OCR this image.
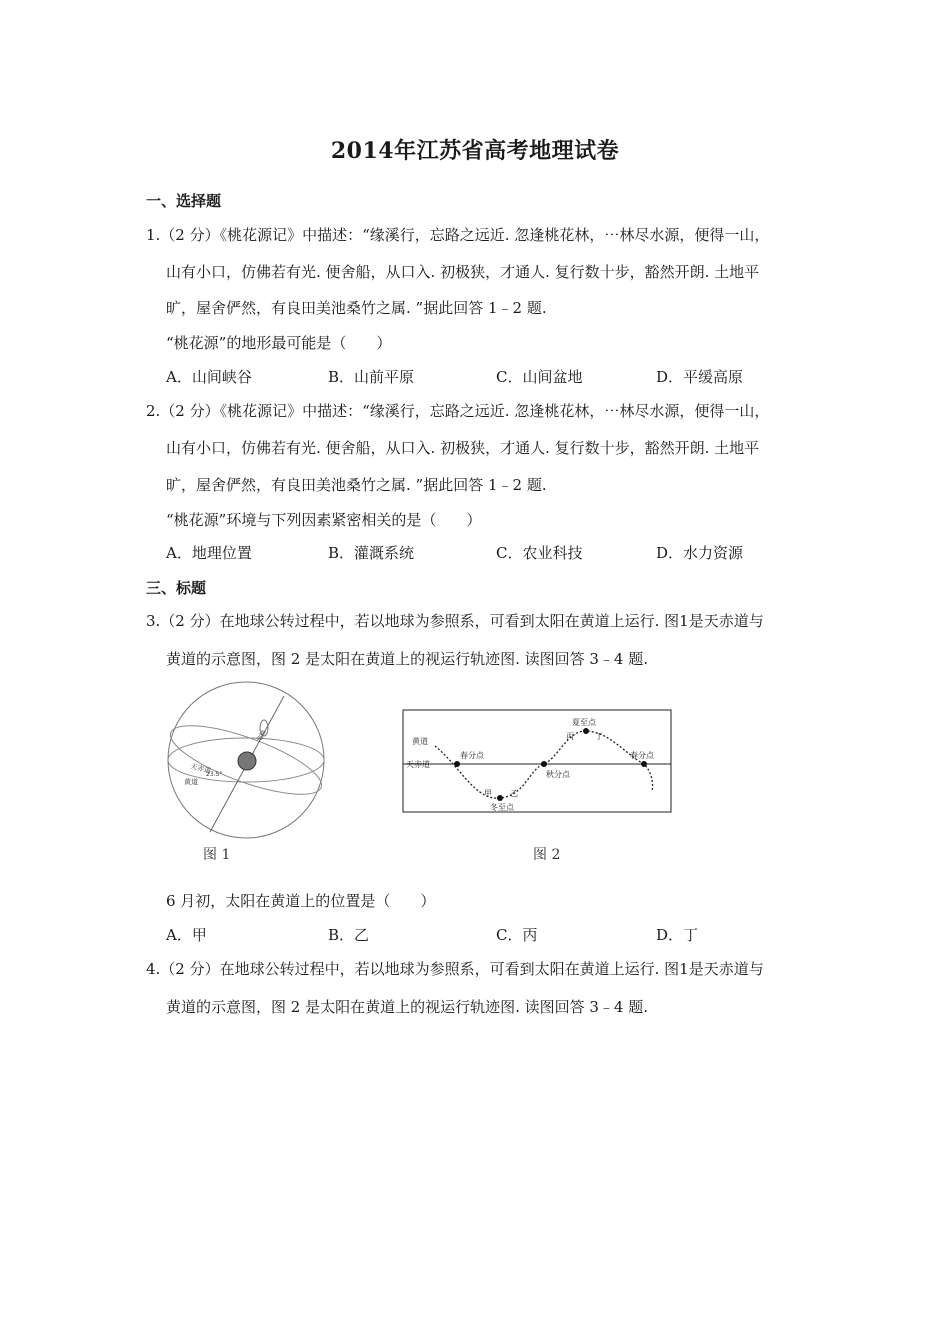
2014年江苏省高考地理试卷
一、选择题
1.（2 分）《桃花源记》中描述：“缘溪行，忘路之远近. 忽逢桃花林，⋯林尽水源，便得一山，
山有小口，仿佛若有光. 便舍船，从口入. 初极狭，才通人. 复行数十步，豁然开朗. 土地平
旷，屋舍俨然，有良田美池桑竹之属. ”据此回答 1﹣2 题.
“桃花源”的地形最可能是（　　）
A．山间峡谷	B．山前平原	C．山间盆地	D．平缓高原
2.（2 分）《桃花源记》中描述：“缘溪行，忘路之远近. 忽逢桃花林，⋯林尽水源，便得一山，
山有小口，仿佛若有光. 便舍船，从口入. 初极狭，才通人. 复行数十步，豁然开朗. 土地平
旷，屋舍俨然，有良田美池桑竹之属. ”据此回答 1﹣2 题.
“桃花源”环境与下列因素紧密相关的是（　　）
A．地理位置	B．灌溉系统	C．农业科技	D．水力资源
三、标题
3.（2 分）在地球公转过程中，若以地球为参照系，可看到太阳在黄道上运行. 图1是天赤道与
黄道的示意图，图 2 是太阳在黄道上的视运行轨迹图. 读图回答 3﹣4 题.
地轴
天赤道
23.5°
黄道
图 1
黄道
天赤道
春分点
秋分点
春分点
夏至点
冬至点
甲 乙
丙	丁
图 2
6 月初，太阳在黄道上的位置是（　　）
A．甲	B．乙	C．丙	D．丁
4.（2 分）在地球公转过程中，若以地球为参照系，可看到太阳在黄道上运行. 图1是天赤道与
黄道的示意图，图 2 是太阳在黄道上的视运行轨迹图. 读图回答 3﹣4 题.
